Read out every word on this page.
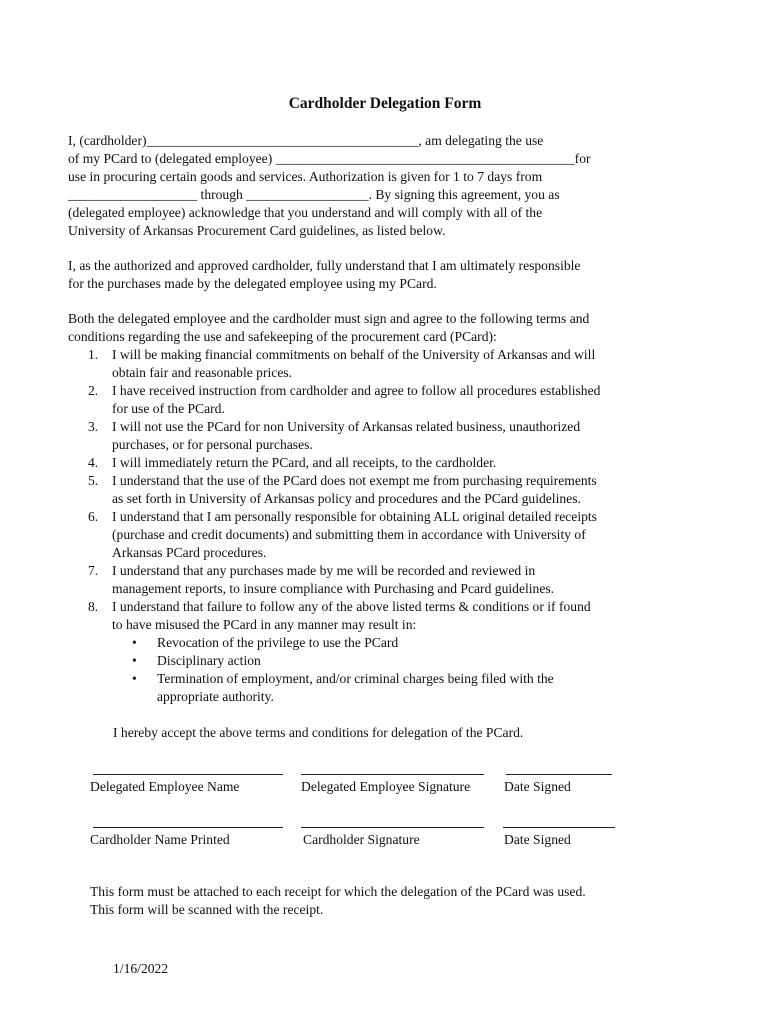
Cardholder Delegation Form

I, (cardholder)________________________________________, am delegating the use

of my PCard to (delegated employee) ____________________________________________for

use in procuring certain goods and services. Authorization is given for 1 to 7 days from

___________________ through __________________. By signing this agreement, you as

(delegated employee) acknowledge that you understand and will comply with all of the

University of Arkansas Procurement Card guidelines, as listed below.

I, as the authorized and approved cardholder, fully understand that I am ultimately responsible

for the purchases made by the delegated employee using my PCard.

Both the delegated employee and the cardholder must sign and agree to the following terms and

conditions regarding the use and safekeeping of the procurement card (PCard):

1. I will be making financial commitments on behalf of the University of Arkansas and will
obtain fair and reasonable prices.
2. I have received instruction from cardholder and agree to follow all procedures established
for use of the PCard.
3. I will not use the PCard for non University of Arkansas related business, unauthorized
purchases, or for personal purchases.
4. I will immediately return the PCard, and all receipts, to the cardholder.
5. I understand that the use of the PCard does not exempt me from purchasing requirements
as set forth in University of Arkansas policy and procedures and the PCard guidelines.
6. I understand that I am personally responsible for obtaining ALL original detailed receipts
(purchase and credit documents) and submitting them in accordance with University of
Arkansas PCard procedures.
7. I understand that any purchases made by me will be recorded and reviewed in
management reports, to insure compliance with Purchasing and Pcard guidelines.
8. I understand that failure to follow any of the above listed terms & conditions or if found
to have misused the PCard in any manner may result in:
• Revocation of the privilege to use the PCard
• Disciplinary action
• Termination of employment, and/or criminal charges being filed with the
appropriate authority.
I hereby accept the above terms and conditions for delegation of the PCard.
Delegated Employee Name	Delegated Employee Signature Date Signed
Cardholder Name Printed	Cardholder Signature	Date Signed

This form must be attached to each receipt for which the delegation of the PCard was used.

This form will be scanned with the receipt.

1/16/2022
